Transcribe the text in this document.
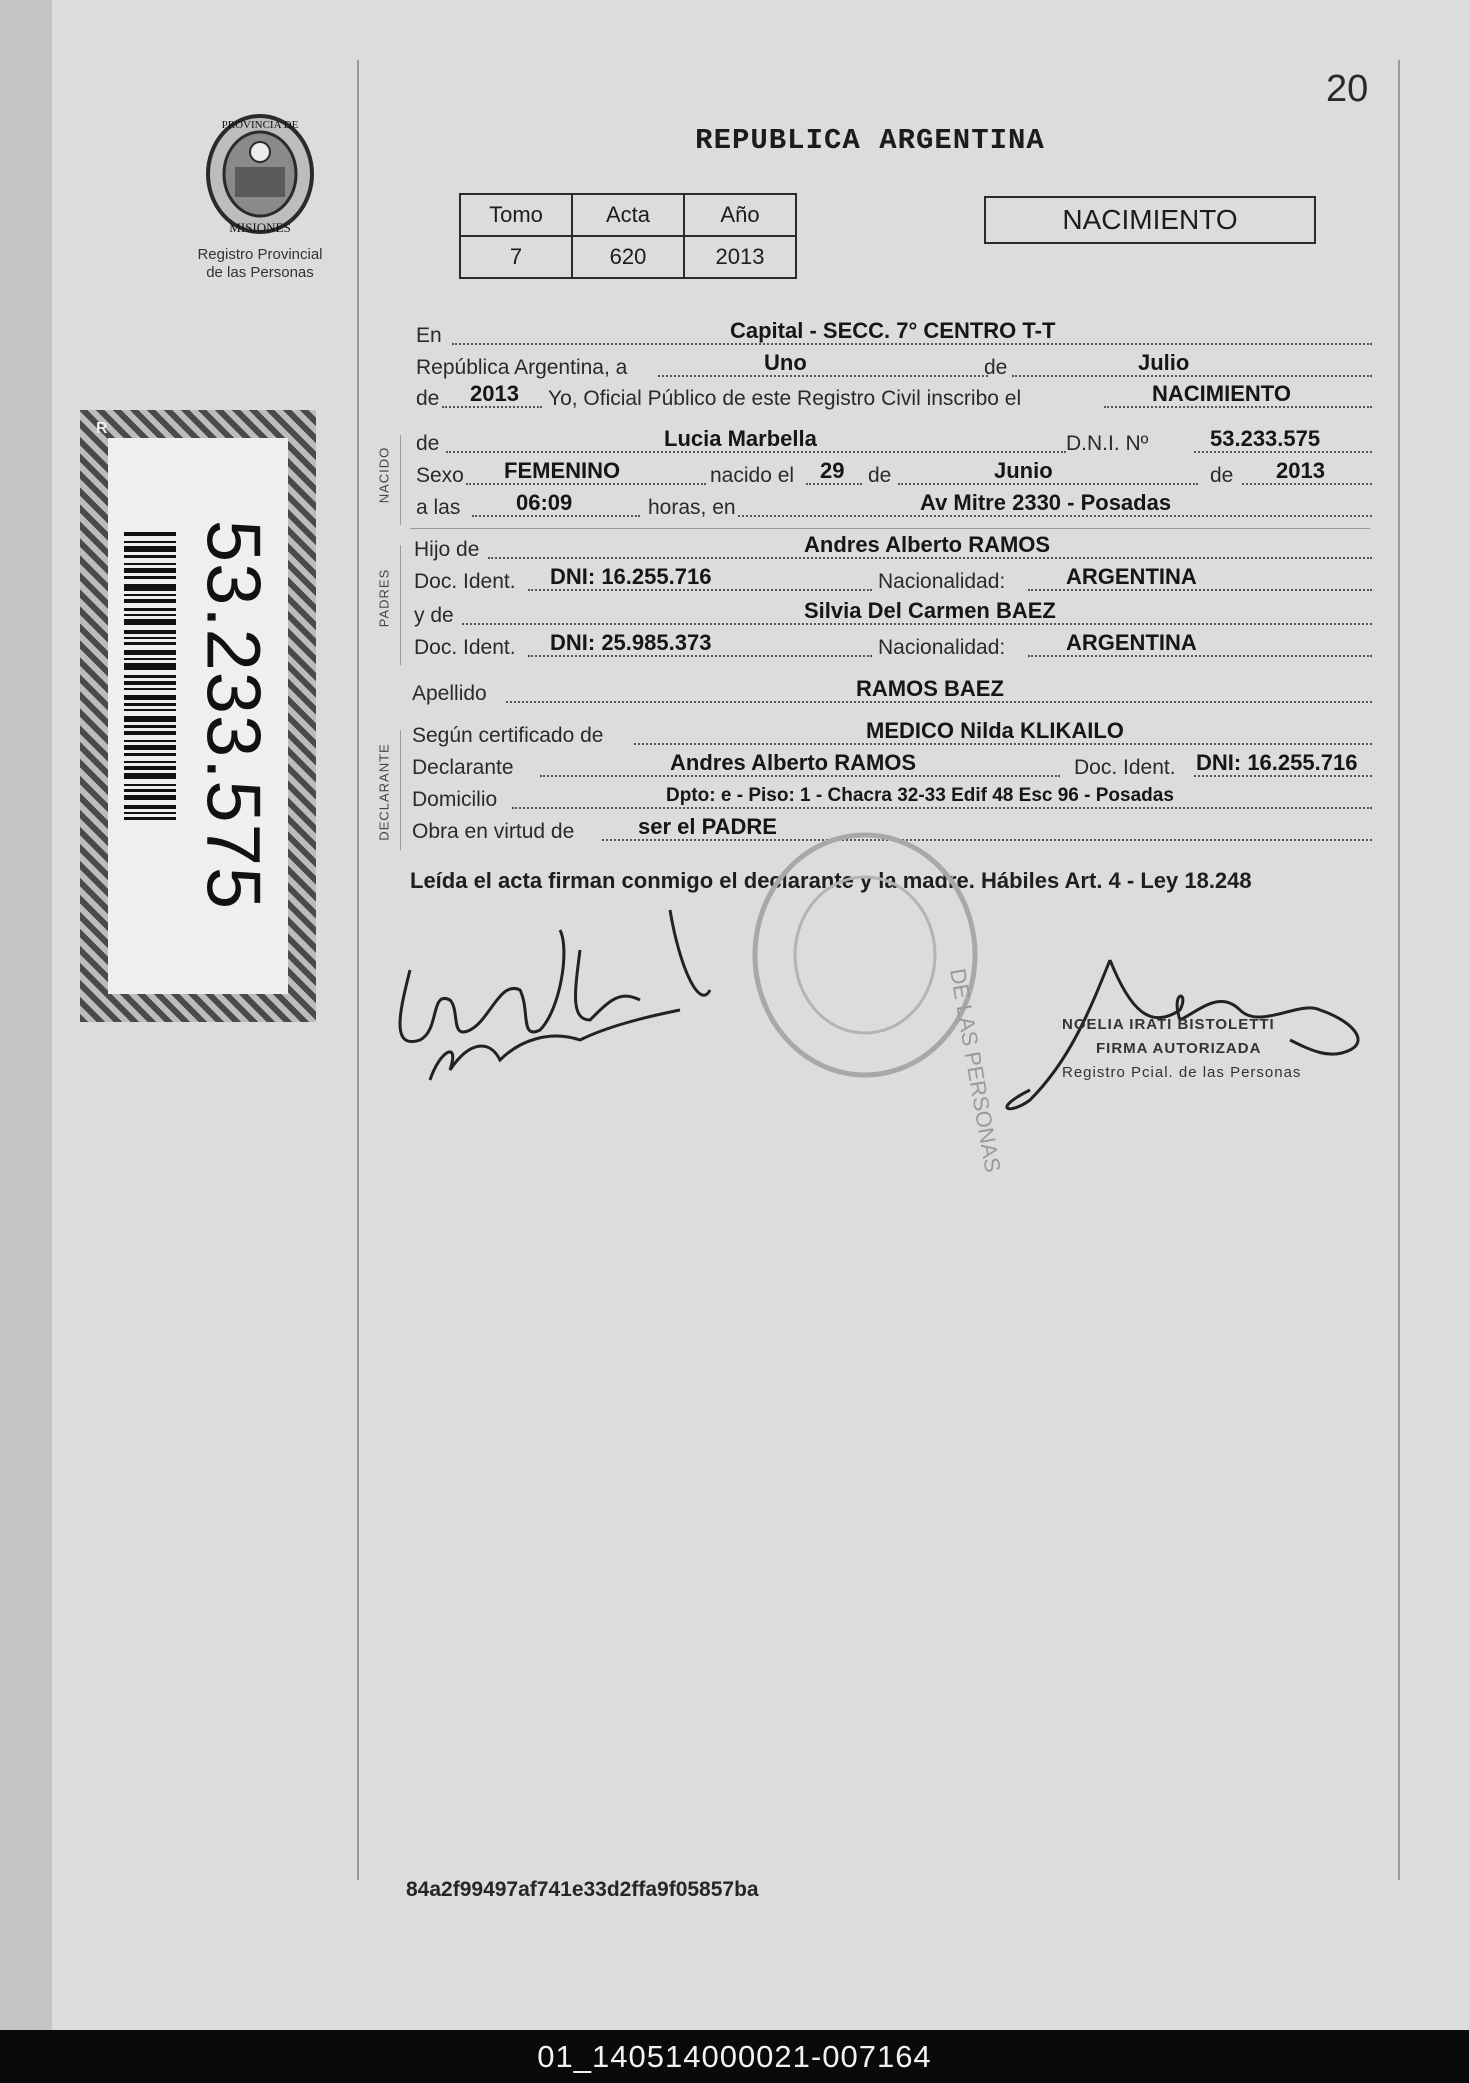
20
PROVINCIA DE
MISIONES
Registro Provincial
de las Personas
REPUBLICA ARGENTINA
Tomo	Acta	Año
7	620	2013
NACIMIENTO
53.233.575
R
NACIDO
PADRES
DECLARANTE
En	Capital - SECC. 7° CENTRO T-T
República Argentina, a	Uno	de	Julio
de 2013 Yo, Oficial Público de este Registro Civil inscribo el	NACIMIENTO
de	Lucia Marbella	D.N.I. Nº	53.233.575
Sexo FEMENINO	nacido el 29 de	Junio	de 2013
a las	06:09	horas, en	Av Mitre 2330 - Posadas
Hijo de	Andres Alberto RAMOS
Doc. Ident. DNI: 16.255.716	Nacionalidad:	ARGENTINA
y de	Silvia Del Carmen BAEZ
Doc. Ident. DNI: 25.985.373	Nacionalidad:	ARGENTINA
Apellido	RAMOS BAEZ
Según certificado de	MEDICO Nilda KLIKAILO
Declarante	Andres Alberto RAMOS	Doc. Ident. DNI: 16.255.716
Domicilio	Dpto: e - Piso: 1 - Chacra 32-33 Edif 48 Esc 96 - Posadas
Obra en virtud de	ser el PADRE
Leída el acta firman conmigo el declarante y la madre. Hábiles Art. 4 - Ley 18.248
DE LAS PERSONAS	NOELIA IRATI BISTOLETTI
FIRMA AUTORIZADA
Registro Pcial. de las Personas
84a2f99497af741e33d2ffa9f05857ba
01_140514000021-007164
